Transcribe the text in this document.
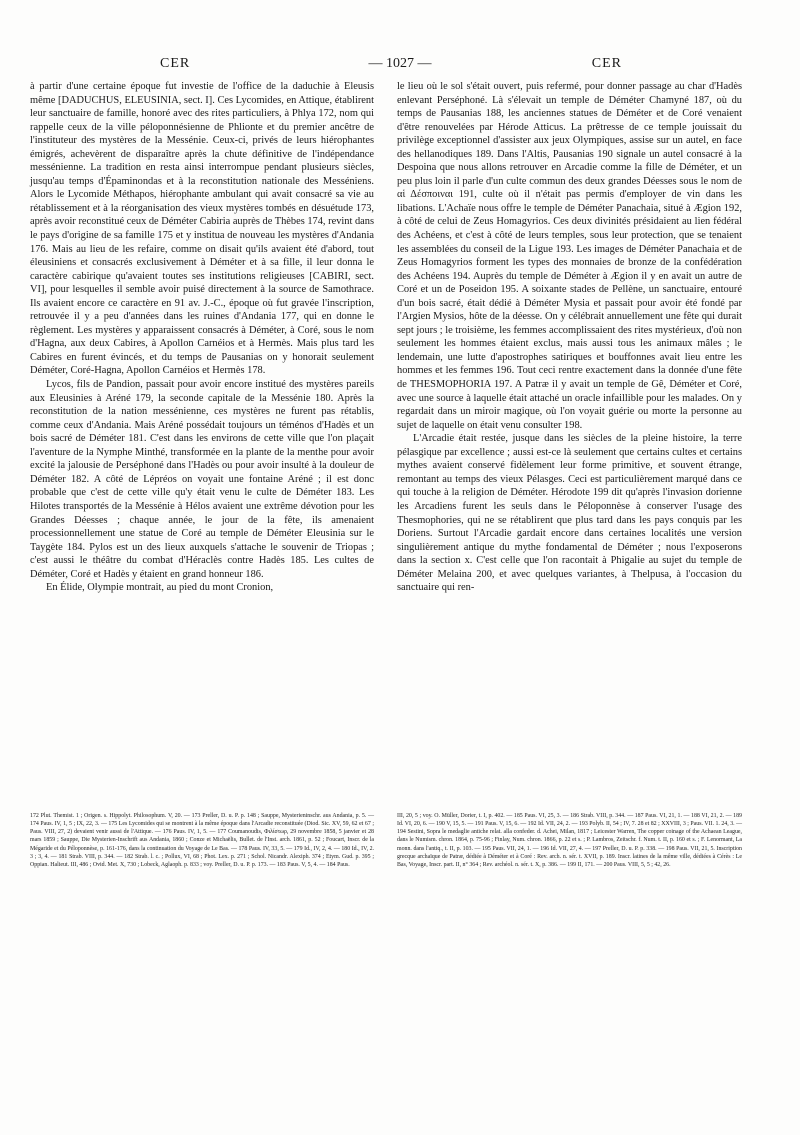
CER	— 1027 —	CER

à partir d'une certaine époque fut investie de l'office de la daduchie à Eleusis même [DADUCHUS, ELEUSINIA, sect. I]. Ces Lycomides, en Attique, établirent leur sanctuaire de famille, honoré avec des rites particuliers, à Phlya 172, nom qui rappelle ceux de la ville péloponnésienne de Phlionte et du premier ancêtre de l'instituteur des mystères de la Messénie. Ceux-ci, privés de leurs hiérophantes émigrés, achevèrent de disparaître après la chute définitive de l'indépendance messénienne. La tradition en resta ainsi interrompue pendant plusieurs siècles, jusqu'au temps d'Épaminondas et à la reconstitution nationale des Messéniens. Alors le Lycomide Méthapos, hiérophante ambulant qui avait consacré sa vie au rétablissement et à la réorganisation des vieux mystères tombés en désuétude 173, après avoir reconstitué ceux de Déméter Cabiria auprès de Thèbes 174, revint dans le pays d'origine de sa famille 175 et y institua de nouveau les mystères d'Andania 176. Mais au lieu de les refaire, comme on disait qu'ils avaient été d'abord, tout éleusiniens et consacrés exclusivement à Déméter et à sa fille, il leur donna le caractère cabirique qu'avaient toutes ses institutions religieuses [CABIRI, sect. VI], pour lesquelles il semble avoir puisé directement à la source de Samothrace. Ils avaient encore ce caractère en 91 av. J.-C., époque où fut gravée l'inscription, retrouvée il y a peu d'années dans les ruines d'Andania 177, qui en donne le règlement. Les mystères y apparaissent consacrés à Déméter, à Coré, sous le nom d'Hagna, aux deux Cabires, à Apollon Carnéios et à Hermès. Mais plus tard les Cabires en furent évincés, et du temps de Pausanias on y honorait seulement Déméter, Coré-Hagna, Apollon Carnéios et Hermès 178.

Lycos, fils de Pandion, passait pour avoir encore institué des mystères pareils aux Eleusinies à Aréné 179, la seconde capitale de la Messénie 180. Après la reconstitution de la nation messénienne, ces mystères ne furent pas rétablis, comme ceux d'Andania. Mais Aréné possédait toujours un téménos d'Hadès et un bois sacré de Déméter 181. C'est dans les environs de cette ville que l'on plaçait l'aventure de la Nymphe Minthé, transformée en la plante de la menthe pour avoir excité la jalousie de Perséphoné dans l'Hadès ou pour avoir insulté à la douleur de Déméter 182. A côté de Lépréos on voyait une fontaine Aréné ; il est donc probable que c'est de cette ville qu'y était venu le culte de Déméter 183. Les Hilotes transportés de la Messénie à Hélos avaient une extrême dévotion pour les Grandes Déesses ; chaque année, le jour de la fête, ils amenaient processionnellement une statue de Coré au temple de Déméter Eleusinia sur le Taygète 184. Pylos est un des lieux auxquels s'attache le souvenir de Triopas ; c'est aussi le théâtre du combat d'Héraclès contre Hadès 185. Les cultes de Déméter, Coré et Hadès y étaient en grand honneur 186.

En Élide, Olympie montrait, au pied du mont Cronion,

le lieu où le sol s'était ouvert, puis refermé, pour donner passage au char d'Hadès enlevant Perséphoné. Là s'élevait un temple de Déméter Chamyné 187, où du temps de Pausanias 188, les anciennes statues de Déméter et de Coré venaient d'être renouvelées par Hérode Atticus. La prêtresse de ce temple jouissait du privilège exceptionnel d'assister aux jeux Olympiques, assise sur un autel, en face des hellanodiques 189. Dans l'Altis, Pausanias 190 signale un autel consacré à la Despoina que nous allons retrouver en Arcadie comme la fille de Déméter, et un peu plus loin il parle d'un culte commun des deux grandes Déesses sous le nom de αἱ Δέσποιναι 191, culte où il n'était pas permis d'employer de vin dans les libations. L'Achaïe nous offre le temple de Déméter Panachaia, situé à Ægion 192, à côté de celui de Zeus Homagyrios. Ces deux divinités présidaient au lien fédéral des Achéens, et c'est à côté de leurs temples, sous leur protection, que se tenaient les assemblées du conseil de la Ligue 193. Les images de Déméter Panachaia et de Zeus Homagyrios forment les types des monnaies de bronze de la confédération des Achéens 194. Auprès du temple de Déméter à Ægion il y en avait un autre de Coré et un de Poseidon 195. A soixante stades de Pellène, un sanctuaire, entouré d'un bois sacré, était dédié à Déméter Mysia et passait pour avoir été fondé par l'Argien Mysios, hôte de la déesse. On y célébrait annuellement une fête qui durait sept jours ; le troisième, les femmes accomplissaient des rites mystérieux, d'où non seulement les hommes étaient exclus, mais aussi tous les animaux mâles ; le lendemain, une lutte d'apostrophes satiriques et bouffonnes avait lieu entre les hommes et les femmes 196. Tout ceci rentre exactement dans la donnée d'une fête de THESMOPHORIA 197. A Patræ il y avait un temple de Gê, Déméter et Coré, avec une source à laquelle était attaché un oracle infaillible pour les malades. On y regardait dans un miroir magique, où l'on voyait guérie ou morte la personne au sujet de laquelle on était venu consulter 198.

L'Arcadie était restée, jusque dans les siècles de la pleine histoire, la terre pélasgique par excellence ; aussi est-ce là seulement que certains cultes et certains mythes avaient conservé fidèlement leur forme primitive, et souvent étrange, remontant au temps des vieux Pélasges. Ceci est particulièrement marqué dans ce qui touche à la religion de Déméter. Hérodote 199 dit qu'après l'invasion dorienne les Arcadiens furent les seuls dans le Péloponnèse à conserver l'usage des Thesmophories, qui ne se rétablirent que plus tard dans les pays conquis par les Doriens. Surtout l'Arcadie gardait encore dans certaines localités une version singulièrement antique du mythe fondamental de Déméter ; nous l'exposerons dans la section x. C'est celle que l'on racontait à Phigalie au sujet du temple de Déméter Melaina 200, et avec quelques variantes, à Thelpusa, à l'occasion du sanctuaire qui ren-

172 Plut. Themist. 1 ; Origen. s. Hippolyt. Philosophum. V, 20. — 173 Preller, D. u. P. p. 148 ; Sauppe, Mysterieninschr. aus Andania, p. 5. — 174 Paus. IV, 1, 5 ; IX, 22, 3. — 175 Les Lycomides qui se montrent à la même époque dans l'Arcadie reconstituée (Diod. Sic. XV, 59, 62 et 67 ; Paus. VIII, 27, 2) devaient venir aussi de l'Attique. — 176 Paus. IV, 1, 5. — 177 Coumanoudis, Φιλίστωρ, 29 novembre 1858, 5 janvier et 28 mars 1859 ; Sauppe, Die Mysterien-Inschrift aus Andania, 1860 ; Conze et Michaëlis, Bullet. de l'Inst. arch. 1861, p. 52 ; Foucart, Inscr. de la Mégaride et du Péloponnèse, p. 161-176, dans la continuation du Voyage de Le Bas. — 178 Paus. IV, 33, 5. — 179 Id., IV, 2, 4. — 180 Id., IV, 2. 3 ; 3, 4. — 181 Strab. VIII, p. 344. — 182 Strab. l. c. ; Pollux, VI, 68 ; Phot. Lex. p. 271 ; Schol. Nicandr. Alexiph. 374 ; Etym. Gud. p. 395 ; Oppian. Halieut. III, 486 ; Ovid. Met. X, 730 ; Lobeck, Aglaoph. p. 833 ; voy. Preller, D. u. P. p. 173. — 183 Paus. V, 5, 4. — 184 Paus.
III, 20, 5 ; voy. O. Müller, Dorier, t. I, p. 402. — 185 Paus. VI, 25, 3. — 186 Strab. VIII, p. 344. — 187 Paus. VI, 21, 1. — 188 VI, 21, 2. — 189 Id. VI, 20, 6. — 190 V, 15, 5. — 191 Paus. V, 15, 6. — 192 Id. VII, 24, 2. — 193 Polyb. II, 54 ; IV, 7. 28 et 82 ; XXVIII, 3 ; Paus. VII. 1. 24, 3. — 194 Sestini, Sopra le medaglie antiche relat. alla confeder. d. Achei, Milan, 1817 ; Leicester Warren, The copper coinage of the Achaean League, dans le Numism. chron. 1864, p. 75-96 ; Finlay, Num. chron. 1866, p. 22 et s. ; P. Lambros, Zeitschr. f. Num. t. II, p. 160 et s. ; F. Lenormant, La monn. dans l'antiq., t. II, p. 103. — 195 Paus. VII, 24, 1. — 196 Id. VII, 27, 4. — 197 Preller, D. u. P. p. 338. — 198 Paus. VII, 21, 5. Inscription grecque archaïque de Patræ, dédiée à Déméter et à Coré : Rev. arch. n. sér. t. XVII, p. 189. Inscr. latines de la même ville, dédiées à Cérès : Le Bas, Voyage, Inscr. part. II, n° 364 ; Rev. archéol. n. sér. t. X, p. 386. — 199 II, 171. — 200 Paus. VIII, 5, 5 ; 42, 26.
